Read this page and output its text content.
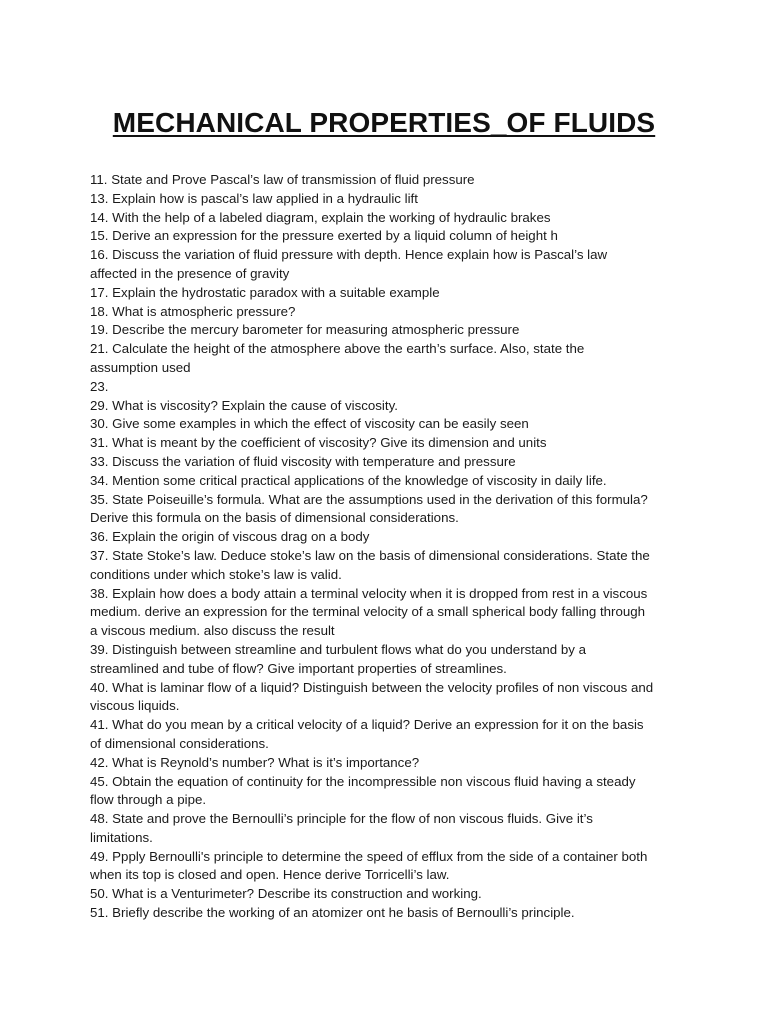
MECHANICAL PROPERTIES_OF FLUIDS
11. State and Prove Pascal’s law of transmission of fluid pressure
13. Explain how is pascal’s law applied in a hydraulic lift
14. With the help of a labeled diagram, explain the working of hydraulic brakes
15. Derive an expression for the pressure exerted by a liquid column of height h
16. Discuss the variation of fluid pressure with depth. Hence explain how is Pascal’s law
affected in the presence of gravity
17. Explain the hydrostatic paradox with a suitable example
18. What is atmospheric pressure?
19. Describe the mercury barometer for measuring atmospheric pressure
21. Calculate the height of the atmosphere above the earth’s surface. Also, state the
assumption used
23.
29. What is viscosity? Explain the cause of viscosity.
30. Give some examples in which the effect of viscosity can be easily seen
31. What is meant by the coefficient of viscosity? Give its dimension and units
33. Discuss the variation of fluid viscosity with temperature and pressure
34. Mention some critical practical applications of the knowledge of viscosity in daily life.
35. State Poiseuille’s formula. What are the assumptions used in the derivation of this formula?
Derive this formula on the basis of dimensional considerations.
36. Explain the origin of viscous drag on a body
37. State Stoke’s law. Deduce stoke’s law on the basis of dimensional considerations. State the
conditions under which stoke’s law is valid.
38. Explain how does a body attain a terminal velocity when it is dropped from rest in a viscous
medium. derive an expression for the terminal velocity of a small spherical body falling through
a viscous medium. also discuss the result
39. Distinguish between streamline and turbulent flows what do you understand by a
streamlined and tube of flow? Give important properties of streamlines.
40. What is laminar flow of a liquid? Distinguish between the velocity profiles of non viscous and
viscous liquids.
41. What do you mean by a critical velocity of a liquid? Derive an expression for it on the basis
of dimensional considerations.
42. What is Reynold’s number? What is it’s importance?
45. Obtain the equation of continuity for the incompressible non viscous fluid having a steady
flow through a pipe.
48. State and prove the Bernoulli’s principle for the flow of non viscous fluids. Give it’s
limitations.
49. Ppply Bernoulli's principle to determine the speed of efflux from the side of a container both
when its top is closed and open. Hence derive Torricelli’s law.
50. What is a Venturimeter? Describe its construction and working.
51. Briefly describe the working of an atomizer ont he basis of Bernoulli’s principle.
